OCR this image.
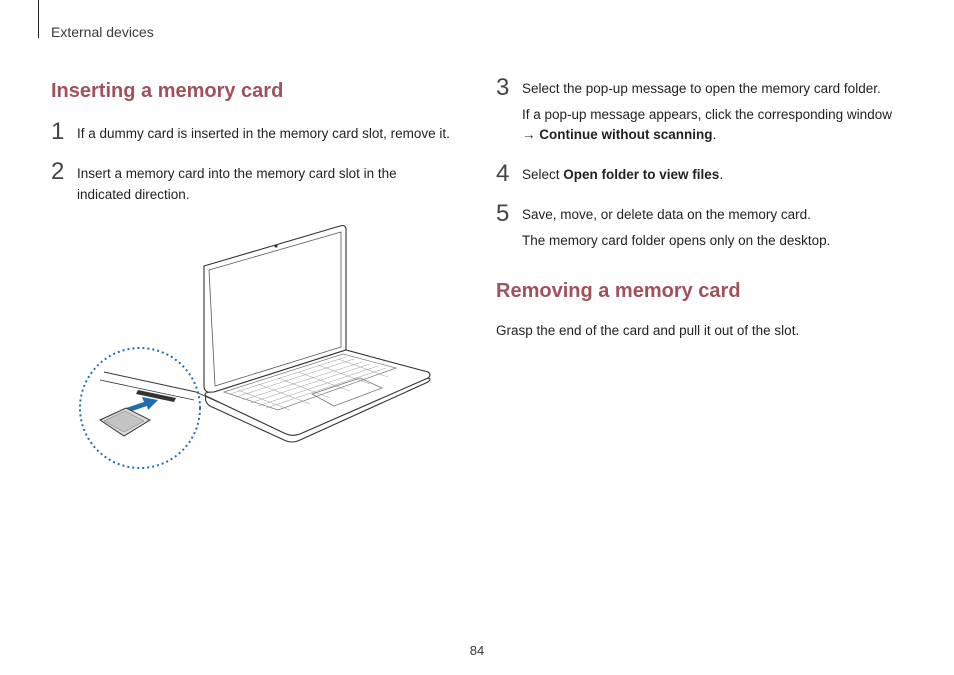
External devices
Inserting a memory card
1 If a dummy card is inserted in the memory card slot, remove it.
2 Insert a memory card into the memory card slot in the
indicated direction.
3 Select the pop-up message to open the memory card folder.
If a pop-up message appears, click the corresponding window
→ Continue without scanning.
4 Select Open folder to view files.
5 Save, move, or delete data on the memory card.
The memory card folder opens only on the desktop.
Removing a memory card
Grasp the end of the card and pull it out of the slot.
84
